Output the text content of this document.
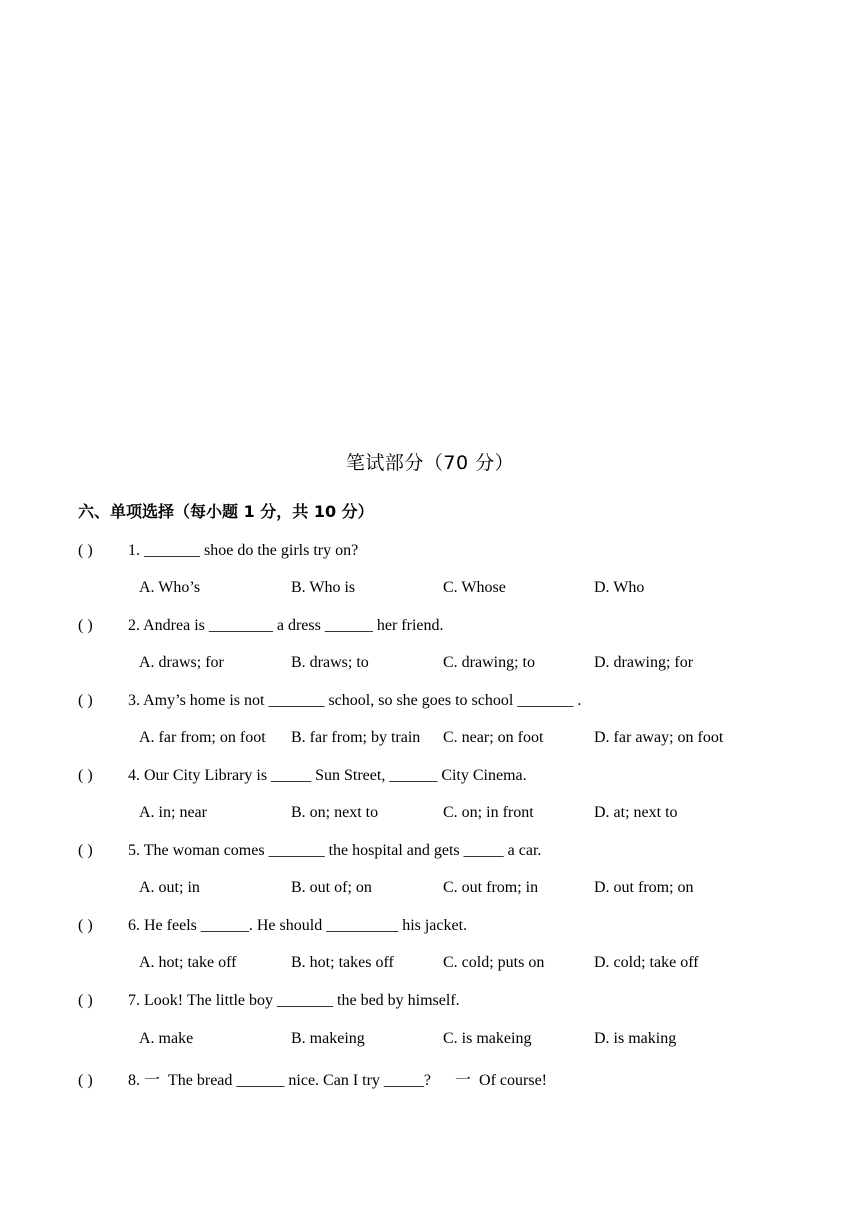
笔试部分（70 分）
六、单项选择（每小题 1 分，共 10 分）
( ) 1. _______ shoe do the girls try on?
A. Who’s	B. Who is	C. Whose	D. Who
( ) 2. Andrea is ________ a dress ______ her friend.
A. draws; for	B. draws; to	C. drawing; to	D. drawing; for
( ) 3. Amy’s home is not _______ school, so she goes to school _______ .
A. far from; on foot B. far from; by train C. near; on foot	D. far away; on foot
( ) 4. Our City Library is _____ Sun Street, ______ City Cinema.
A. in; near	B. on; next to	C. on; in front	D. at; next to
( ) 5. The woman comes _______ the hospital and gets _____ a car.
A. out; in	B. out of; on	C. out from; in	D. out from; on
( ) 6. He feels ______. He should _________ his jacket.
A. hot; take off	B. hot; takes off	C. cold; puts on	D. cold; take off
( ) 7. Look! The little boy _______ the bed by himself.
A. make	B. makeing	C. is makeing	D. is making
( ) 8. 一  The bread ______ nice. Can I try _____?      一  Of course!
